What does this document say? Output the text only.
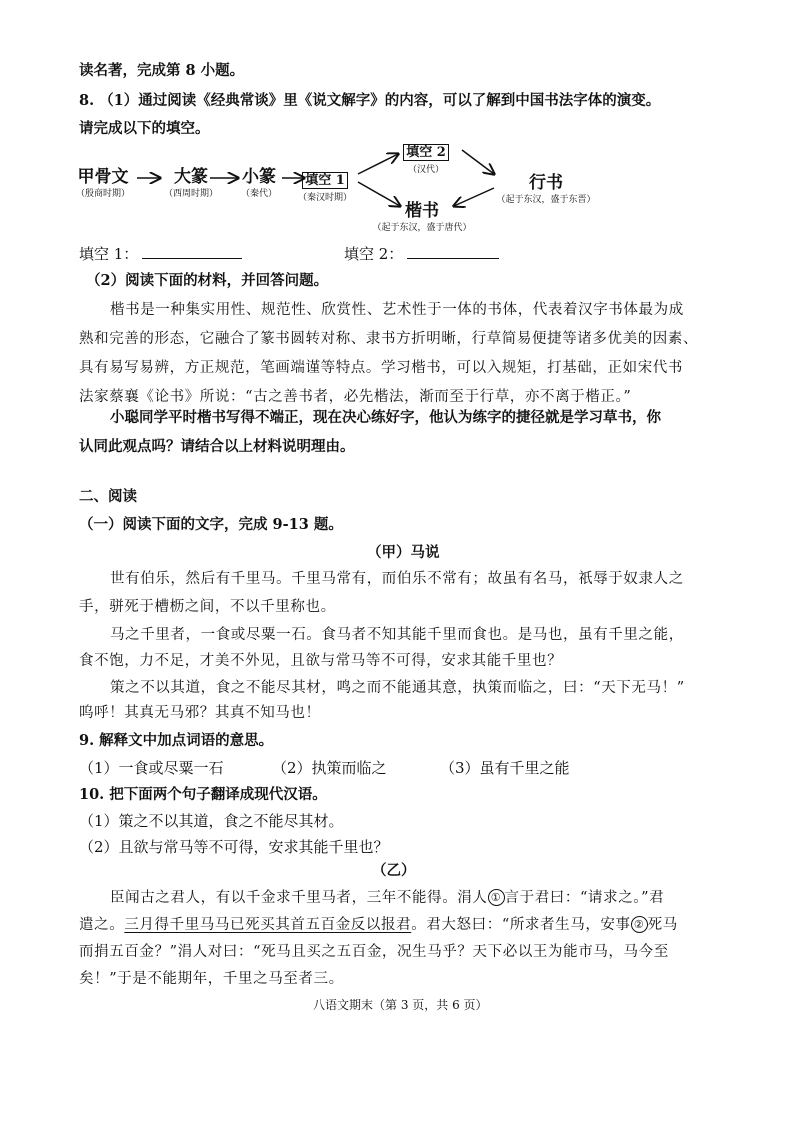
读名著，完成第 8 小题。
8. （1）通过阅读《经典常谈》里《说文解字》的内容，可以了解到中国书法字体的演变。
请完成以下的填空。
甲骨文
（殷商时期）
大篆
（西周时期）
小篆
（秦代）
填空 1
（秦汉时期）
填空 2
（汉代）
行书
（起于东汉，盛于东晋）
楷书
（起于东汉，盛于唐代）
填空 1：	填空 2：
（2）阅读下面的材料，并回答问题。
楷书是一种集实用性、规范性、欣赏性、艺术性于一体的书体，代表着汉字书体最为成
熟和完善的形态，它融合了篆书圆转对称、隶书方折明晰，行草简易便捷等诸多优美的因素、
具有易写易辨，方正规范，笔画端谨等特点。学习楷书，可以入规矩，打基础，正如宋代书
法家蔡襄《论书》所说：“古之善书者，必先楷法，渐而至于行草，亦不离于楷正。”
小聪同学平时楷书写得不端正，现在决心练好字，他认为练字的捷径就是学习草书，你
认同此观点吗？请结合以上材料说明理由。
二、阅读
（一）阅读下面的文字，完成 9-13 题。
（甲）马说
世有伯乐，然后有千里马。千里马常有，而伯乐不常有；故虽有名马，祇辱于奴隶人之
手，骈死于槽枥之间，不以千里称也。
马之千里者，一食或尽粟一石。食马者不知其能千里而食也。是马也，虽有千里之能，
食不饱，力不足，才美不外见，且欲与常马等不可得，安求其能千里也？
策之不以其道，食之不能尽其材，鸣之而不能通其意，执策而临之，曰：“天下无马！”
呜呼！其真无马邪？其真不知马也！
9. 解释文中加点词语的意思。
（1）一食或尽粟一石	（2）执策而临之	（3）虽有千里之能
10. 把下面两个句子翻译成现代汉语。
（1）策之不以其道，食之不能尽其材。
（2）且欲与常马等不可得，安求其能千里也？
（乙）
臣闻古之君人，有以千金求千里马者，三年不能得。涓人 ① 言于君曰：“请求之。”君
遣之。三月得千里马马已死买其首五百金反以报君。君大怒曰：“所求者生马，安事 ② 死马
而捐五百金？”涓人对曰：“死马且买之五百金，况生马乎？天下必以王为能市马，马今至
矣！”于是不能期年，千里之马至者三。
八语文期末（第 3 页，共 6 页）
